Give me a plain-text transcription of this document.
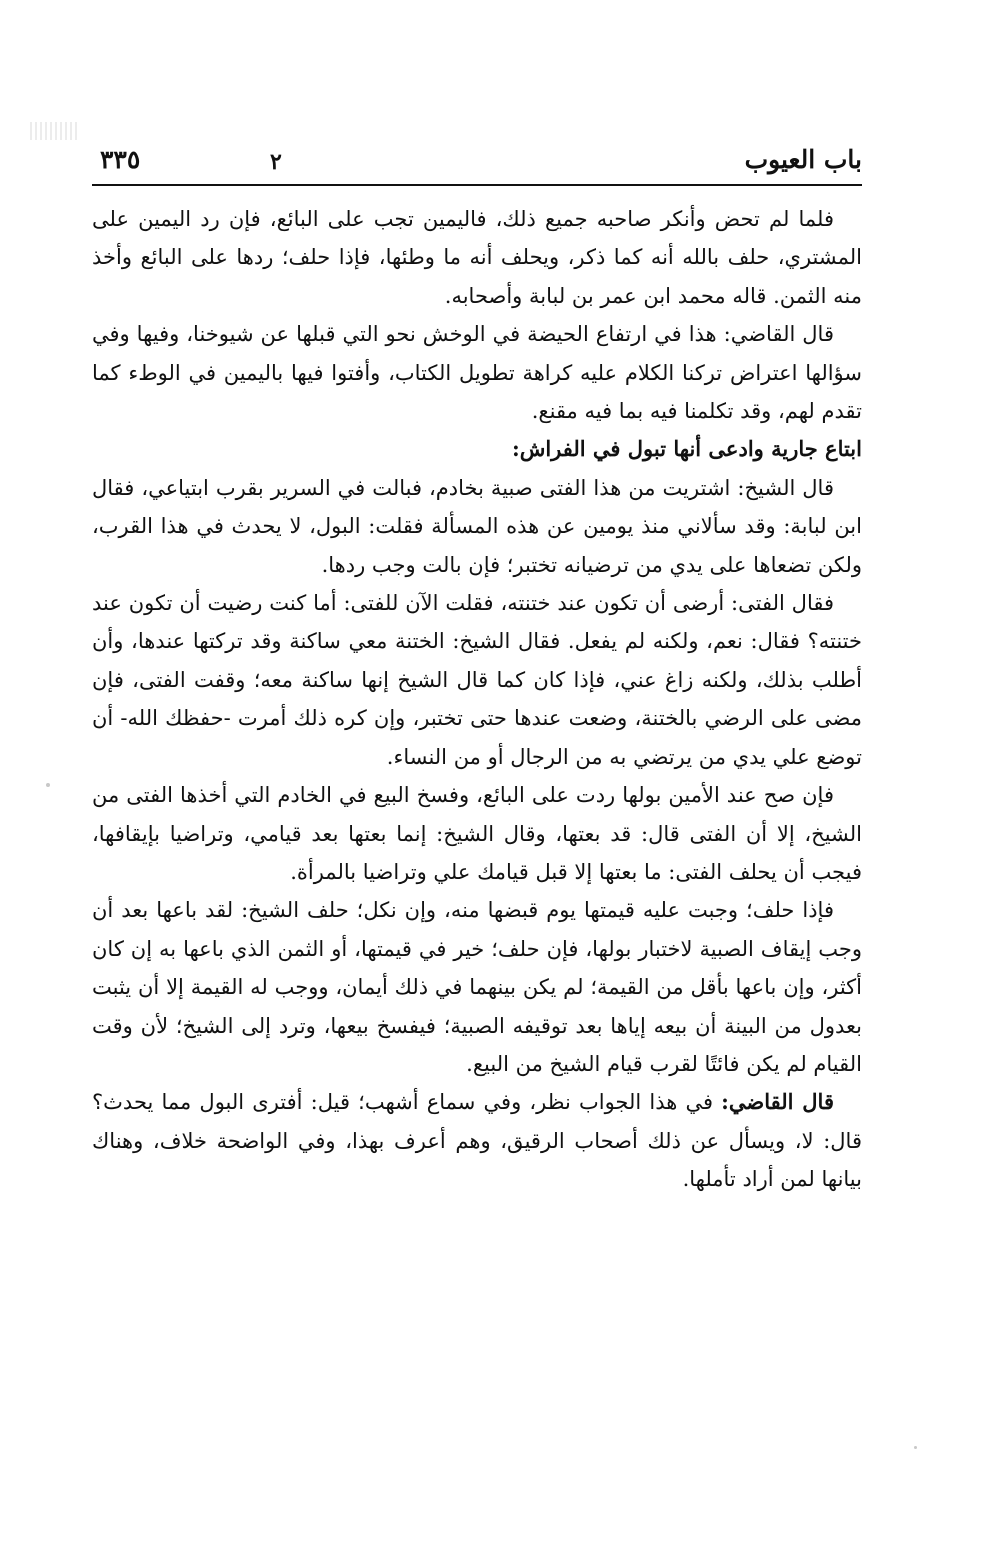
باب العيوب
٢
٣٣٥

فلما لم تحض وأنكر صاحبه جميع ذلك، فاليمين تجب على البائع، فإن رد اليمين على المشتري، حلف بالله أنه كما ذكر، ويحلف أنه ما وطئها، فإذا حلف؛ ردها على البائع وأخذ منه الثمن. قاله محمد ابن عمر بن لبابة وأصحابه.

قال القاضي: هذا في ارتفاع الحيضة في الوخش نحو التي قبلها عن شيوخنا، وفيها وفي سؤالها اعتراض تركنا الكلام عليه كراهة تطويل الكتاب، وأفتوا فيها باليمين في الوطء كما تقدم لهم، وقد تكلمنا فيه بما فيه مقنع.

ابتاع جارية وادعى أنها تبول في الفراش:

قال الشيخ: اشتريت من هذا الفتى صبية بخادم، فبالت في السرير بقرب ابتياعي، فقال ابن لبابة: وقد سألاني منذ يومين عن هذه المسألة فقلت: البول، لا يحدث في هذا القرب، ولكن تضعاها على يدي من ترضيانه تختبر؛ فإن بالت وجب ردها.

فقال الفتى: أرضى أن تكون عند ختنته، فقلت الآن للفتى: أما كنت رضيت أن تكون عند ختنته؟ فقال: نعم، ولكنه لم يفعل. فقال الشيخ: الختنة معي ساكنة وقد تركتها عندها، وأن أطلب بذلك، ولكنه زاغ عني، فإذا كان كما قال الشيخ إنها ساكنة معه؛ وقفت الفتى، فإن مضى على الرضي بالختنة، وضعت عندها حتى تختبر، وإن كره ذلك أمرت -حفظك الله- أن توضع علي يدي من يرتضي به من الرجال أو من النساء.

فإن صح عند الأمين بولها ردت على البائع، وفسخ البيع في الخادم التي أخذها الفتى من الشيخ، إلا أن الفتى قال: قد بعتها، وقال الشيخ: إنما بعتها بعد قيامي، وتراضيا بإيقافها، فيجب أن يحلف الفتى: ما بعتها إلا قبل قيامك علي وتراضيا بالمرأة.

فإذا حلف؛ وجبت عليه قيمتها يوم قبضها منه، وإن نكل؛ حلف الشيخ: لقد باعها بعد أن وجب إيقاف الصبية لاختبار بولها، فإن حلف؛ خير في قيمتها، أو الثمن الذي باعها به إن كان أكثر، وإن باعها بأقل من القيمة؛ لم يكن بينهما في ذلك أيمان، ووجب له القيمة إلا أن يثبت بعدول من البينة أن بيعه إياها بعد توقيفه الصبية؛ فيفسخ بيعها، وترد إلى الشيخ؛ لأن وقت القيام لم يكن فائتًا لقرب قيام الشيخ من البيع.

قال القاضي: في هذا الجواب نظر، وفي سماع أشهب؛ قيل: أفترى البول مما يحدث؟ قال: لا، ويسأل عن ذلك أصحاب الرقيق، وهم أعرف بهذا، وفي الواضحة خلاف، وهناك بيانها لمن أراد تأملها.
